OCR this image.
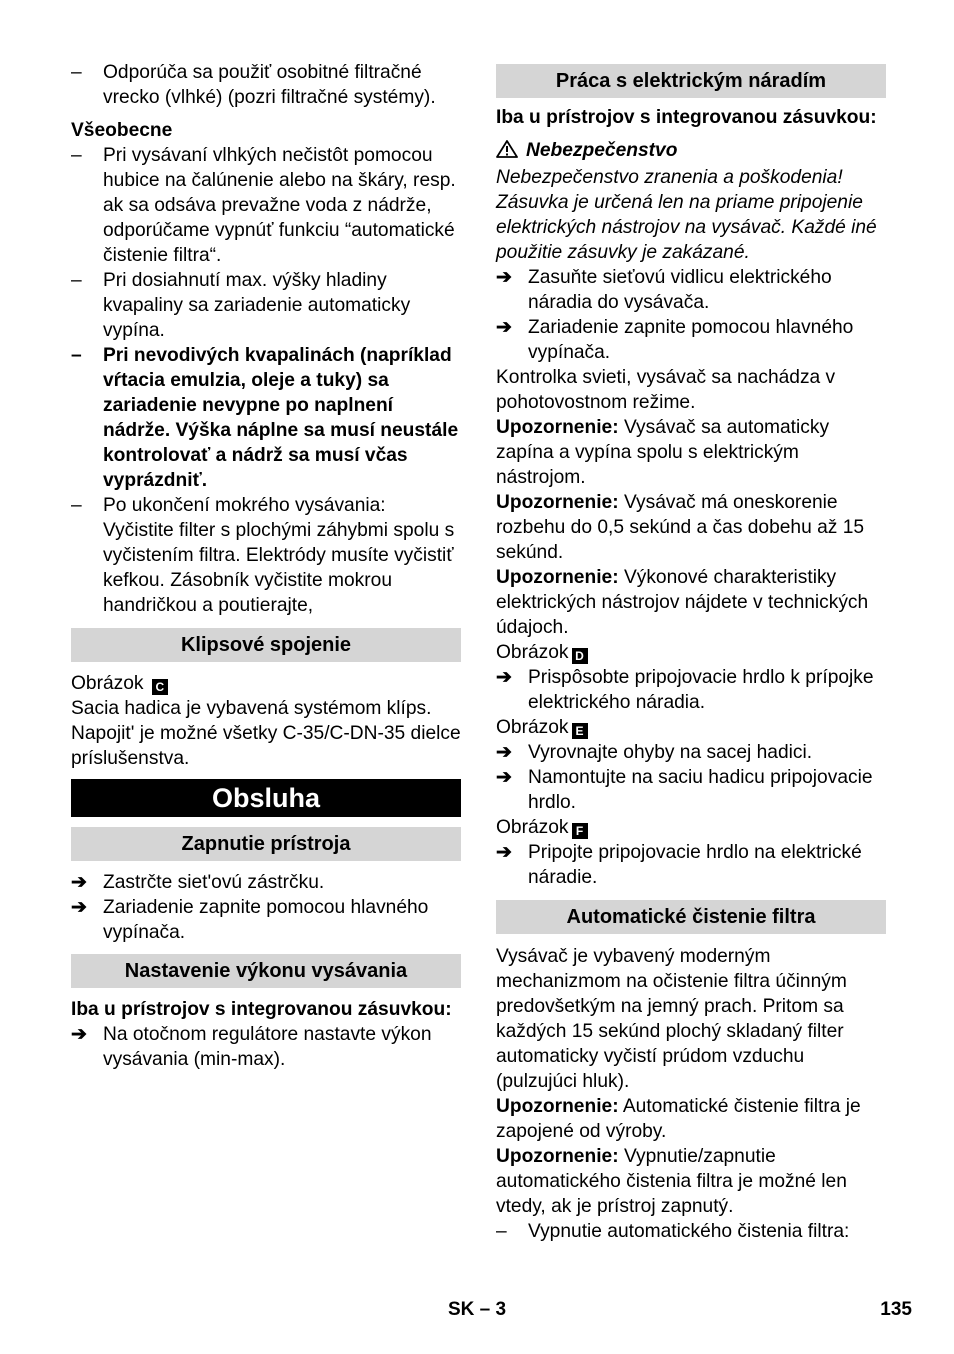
– Odporúča sa použiť osobitné filtračné vrecko (vlhké) (pozri filtračné systémy).

Všeobecne

– Pri vysávaní vlhkých nečistôt pomocou hubice na čalúnenie alebo na škáry, resp. ak sa odsáva prevažne voda z nádrže, odporúčame vypnúť funkciu “automatické čistenie filtra“.

– Pri dosiahnutí max. výšky hladiny kvapaliny sa zariadenie automaticky vypína.

– Pri nevodivých kvapalinách (napríklad vŕtacia emulzia, oleje a tuky) sa zariadenie nevypne po naplnení nádrže. Výška náplne sa musí neustále kontrolovať a nádrž sa musí včas vyprázdniť.

– Po ukončení mokrého vysávania: Vyčistite filter s plochými záhybmi spolu s vyčistením filtra. Elektródy musíte vyčistiť kefkou. Zásobník vyčistite mokrou handričkou a poutierajte,

Klipsové spojenie

Obrázok C

Sacia hadica je vybavená systémom klíps. Napojit' je možné všetky C-35/C-DN-35 dielce príslušenstva.

Obsluha
Zapnutie prístroja

➔ Zastrčte siet'ovú zástrčku.

➔ Zariadenie zapnite pomocou hlavného vypínača.

Nastavenie výkonu vysávania

Iba u prístrojov s integrovanou zásuvkou:

➔ Na otočnom regulátore nastavte výkon vysávania (min-max).

Práca s elektrickým náradím

Iba u prístrojov s integrovanou zásuvkou:

Nebezpečenstvo

Nebezpečenstvo zranenia a poškodenia! Zásuvka je určená len na priame pripojenie elektrických nástrojov na vysávač. Každé iné použitie zásuvky je zakázané.

➔ Zasuňte sieťovú vidlicu elektrického náradia do vysávača.

➔ Zariadenie zapnite pomocou hlavného vypínača.

Kontrolka svieti, vysávač sa nachádza v pohotovostnom režime.

Upozornenie: Vysávač sa automaticky zapína a vypína spolu s elektrickým nástrojom.

Upozornenie: Vysávač má oneskorenie rozbehu do 0,5 sekúnd a čas dobehu až 15 sekúnd.

Upozornenie: Výkonové charakteristiky elektrických nástrojov nájdete v technických údajoch.

Obrázok D

➔ Prispôsobte pripojovacie hrdlo k prípojke elektrického náradia.

Obrázok E

➔ Vyrovnajte ohyby na sacej hadici.

➔ Namontujte na saciu hadicu pripojovacie hrdlo.

Obrázok F

➔ Pripojte pripojovacie hrdlo na elektrické náradie.

Automatické čistenie filtra

Vysávač je vybavený moderným mechanizmom na očistenie filtra účinným predovšetkým na jemný prach. Pritom sa každých 15 sekúnd plochý skladaný filter automaticky vyčistí prúdom vzduchu (pulzujúci hluk).

Upozornenie: Automatické čistenie filtra je zapojené od výroby.

Upozornenie: Vypnutie/zapnutie automatického čistenia filtra je možné len vtedy, ak je prístroj zapnutý.

– Vypnutie automatického čistenia filtra:

SK – 3	135
